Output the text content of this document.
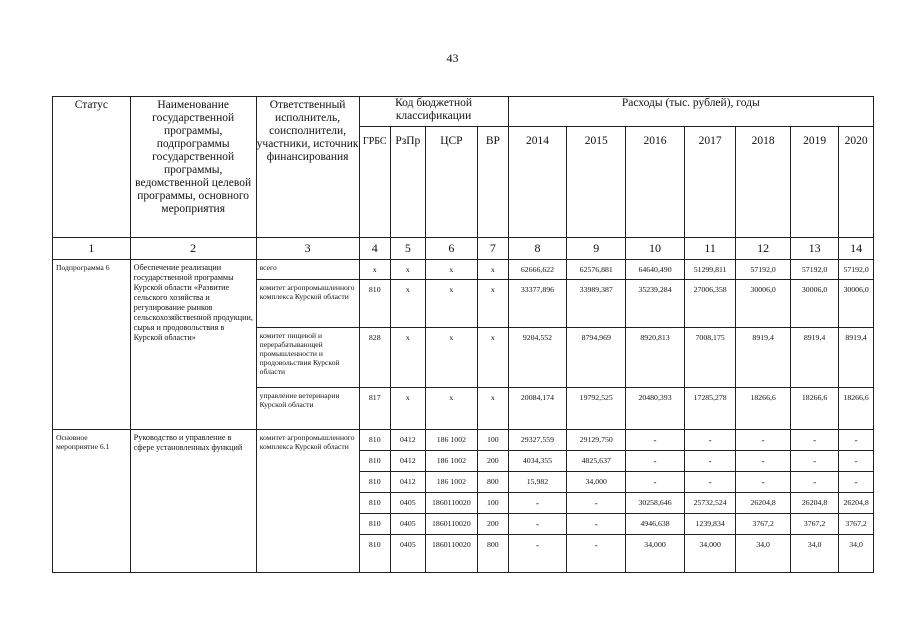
43
Статус	Наименование государственной программы, подпрограммы государственной программы, ведомственной целевой программы, основного мероприятия	Ответственный исполнитель, соисполнители, участники, источник финансирования	Код бюджетной классификации				Расходы (тыс. рублей), годы						
			ГРБС	РзПр	ЦСР	ВР	2014	2015	2016	2017	2018	2019	2020
1	2	3	4	5	6	7	8	9	10	11	12	13	14
Подпрограмма 6	Обеспечение реализации государственной программы Курской области «Развитие сельского хозяйства и регулирование рынков сельскохозяйственной продукции, сырья и продовольствия в Курской области»	всего	х	х	х	х	62666,622	62576,881	64640,490	51299,811	57192,0	57192,0	57192,0
		комитет агропромышленного комплекса Курской области	810	х	х	х	33377,896	33989,387	35239,284	27006,358	30006,0	30006,0	30006,0
		комитет пищевой и перерабатывающей промышленности и продовольствия Курской области	828	х	х	х	9204,552	8794,969	8920,813	7008,175	8919,4	8919,4	8919,4
		управление ветеринарии Курской области	817	х	х	х	20084,174	19792,525	20480,393	17285,278	18266,6	18266,6	18266,6
Основное мероприятие 6.1	Руководство и управление в сфере установленных функций	комитет агропромышленного комплекса Курской области	810	0412	186 1002	100	29327,559	29129,750	-	-	-	-	-
			810	0412	186 1002	200	4034,355	4825,637	-	-	-	-	-
			810	0412	186 1002	800	15,982	34,000	-	-	-	-	-
			810	0405	1860110020	100	-	-	30258,646	25732,524	26204,8	26204,8	26204,8
			810	0405	1860110020	200	-	-	4946,638	1239,834	3767,2	3767,2	3767,2
			810	0405	1860110020	800	-	-	34,000	34,000	34,0	34,0	34,0
